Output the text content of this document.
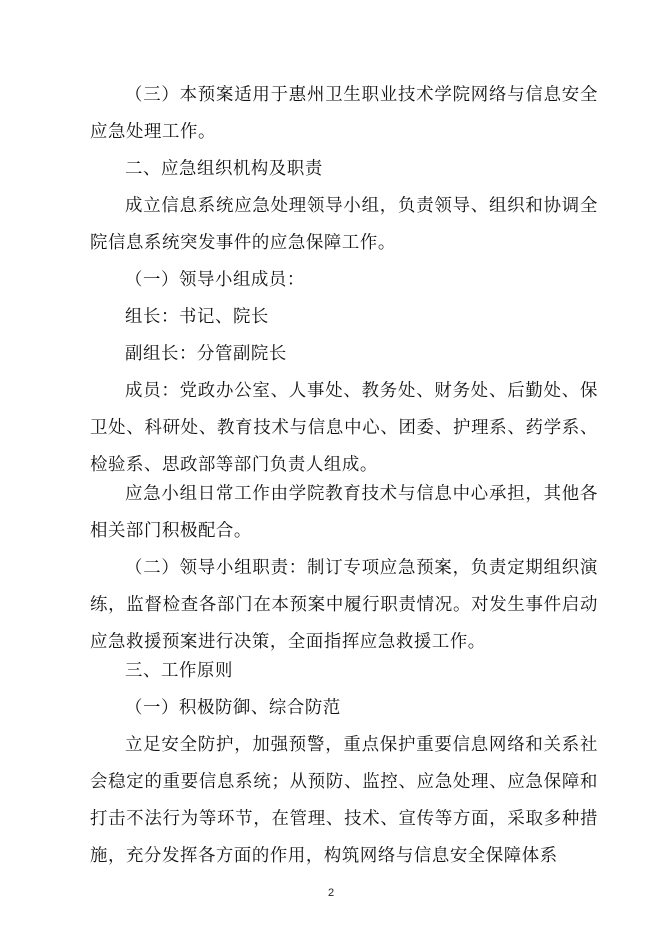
（三）本预案适用于惠州卫生职业技术学院网络与信息安全应急处理工作。

二、应急组织机构及职责

成立信息系统应急处理领导小组，负责领导、组织和协调全院信息系统突发事件的应急保障工作。

（一）领导小组成员：

组长：书记、院长

副组长：分管副院长

成员：党政办公室、人事处、教务处、财务处、后勤处、保卫处、科研处、教育技术与信息中心、团委、护理系、药学系、检验系、思政部等部门负责人组成。

应急小组日常工作由学院教育技术与信息中心承担，其他各相关部门积极配合。

（二）领导小组职责：制订专项应急预案，负责定期组织演练，监督检查各部门在本预案中履行职责情况。对发生事件启动应急救援预案进行决策，全面指挥应急救援工作。

三、工作原则

（一）积极防御、综合防范

立足安全防护，加强预警，重点保护重要信息网络和关系社会稳定的重要信息系统；从预防、监控、应急处理、应急保障和打击不法行为等环节，在管理、技术、宣传等方面，采取多种措施，充分发挥各方面的作用，构筑网络与信息安全保障体系

2
